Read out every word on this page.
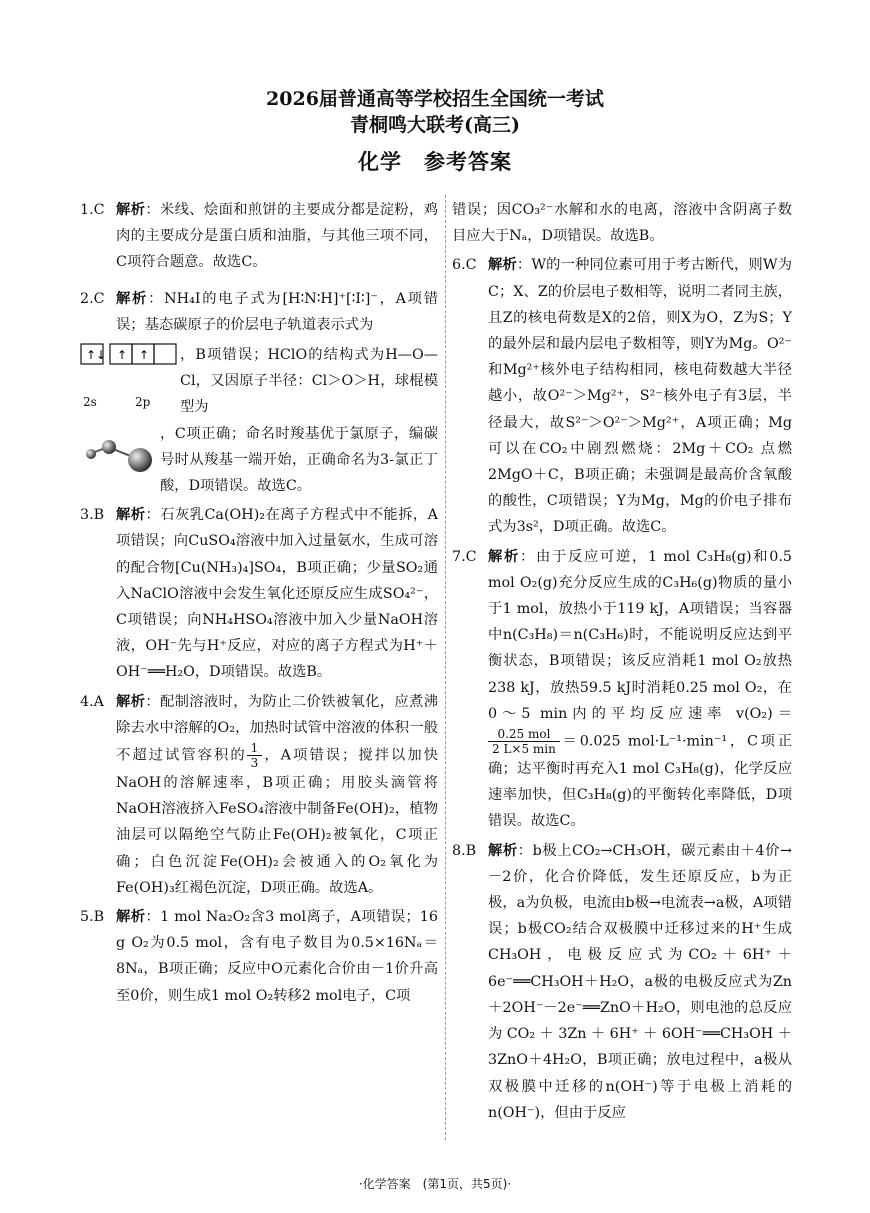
2026届普通高等学校招生全国统一考试
青桐鸣大联考(高三)
化学　参考答案
1.C 解析：米线、烩面和煎饼的主要成分都是淀粉，鸡肉的主要成分是蛋白质和油脂，与其他三项不同，C项符合题意。故选C。
2.C 解析：NH₄I的电子式为[H∶N∶H]⁺[∶I∶]⁻，A项错误；基态碳原子的价层电子轨道表示式为
↑↓ ↑ ↑
2s	2p
，B项错误；HClO的结构式为H—O—Cl，又因原子半径：Cl＞O＞H，球棍模型为
，C项正确；命名时羧基优于氯原子，编碳号时从羧基一端开始，正确命名为3-氯正丁酸，D项错误。故选C。
3.B 解析：石灰乳Ca(OH)₂在离子方程式中不能拆，A项错误；向CuSO₄溶液中加入过量氨水，生成可溶的配合物[Cu(NH₃)₄]SO₄，B项正确；少量SO₂通入NaClO溶液中会发生氧化还原反应生成SO₄²⁻，C项错误；向NH₄HSO₄溶液中加入少量NaOH溶液，OH⁻先与H⁺反应，对应的离子方程式为H⁺＋OH⁻══H₂O，D项错误。故选B。
4.A 解析：配制溶液时，为防止二价铁被氧化，应煮沸除去水中溶解的O₂，加热时试管中溶液的体积一般不超过试管容积的 $\frac{1}{3}$ ，A项错误；搅拌以加快NaOH的溶解速率，B项正确；用胶头滴管将NaOH溶液挤入FeSO₄溶液中制备Fe(OH)₂，植物油层可以隔绝空气防止Fe(OH)₂被氧化，C项正确；白色沉淀Fe(OH)₂会被通入的O₂氧化为Fe(OH)₃红褐色沉淀，D项正确。故选A。
5.B 解析：1 mol Na₂O₂含3 mol离子，A项错误；16 g O₂为0.5 mol，含有电子数目为0.5×16Nₐ＝8Nₐ，B项正确；反应中O元素化合价由－1价升高至0价，则生成1 mol O₂转移2 mol电子，C项
错误；因CO₃²⁻水解和水的电离，溶液中含阴离子数目应大于Nₐ，D项错误。故选B。
6.C 解析：W的一种同位素可用于考古断代，则W为C；X、Z的价层电子数相等，说明二者同主族，且Z的核电荷数是X的2倍，则X为O，Z为S；Y的最外层和最内层电子数相等，则Y为Mg。O²⁻和Mg²⁺核外电子结构相同，核电荷数越大半径越小，故O²⁻＞Mg²⁺，S²⁻核外电子有3层，半径最大，故S²⁻＞O²⁻＞Mg²⁺，A项正确；Mg可以在CO₂中剧烈燃烧：2Mg＋CO₂ 点燃 2MgO＋C，B项正确；未强调是最高价含氧酸的酸性，C项错误；Y为Mg，Mg的价电子排布式为3s²，D项正确。故选C。
7.C 解析：由于反应可逆，1 mol C₃H₈(g)和0.5 mol O₂(g)充分反应生成的C₃H₆(g)物质的量小于1 mol，放热小于119 kJ，A项错误；当容器中n(C₃H₈)＝n(C₃H₆)时，不能说明反应达到平衡状态，B项错误；该反应消耗1 mol O₂放热238 kJ，放热59.5 kJ时消耗0.25 mol O₂，在0～5 min内的平均反应速率 v(O₂)＝
$\frac{\text{0.25 mol}}{2 L\times 5 \min} =0.025$ mol·L⁻¹·min⁻¹，C项正确；达平衡时再充入1 mol C₃H₈(g)，化学反应速率加快，但C₃H₈(g)的平衡转化率降低，D项错误。故选C。
8.B 解析：b极上CO₂→CH₃OH，碳元素由＋4价→－2价，化合价降低，发生还原反应，b为正极，a为负极，电流由b极→电流表→a极，A项错误；b极CO₂结合双极膜中迁移过来的H⁺生成CH₃OH，电极反应式为CO₂＋6H⁺＋6e⁻══CH₃OH＋H₂O，a极的电极反应式为Zn＋2OH⁻－2e⁻══ZnO＋H₂O，则电池的总反应为CO₂＋3Zn＋6H⁺＋6OH⁻══CH₃OH＋3ZnO＋4H₂O，B项正确；放电过程中，a极从双极膜中迁移的n(OH⁻)等于电极上消耗的n(OH⁻)，但由于反应
·化学答案　(第1页，共5页)·
